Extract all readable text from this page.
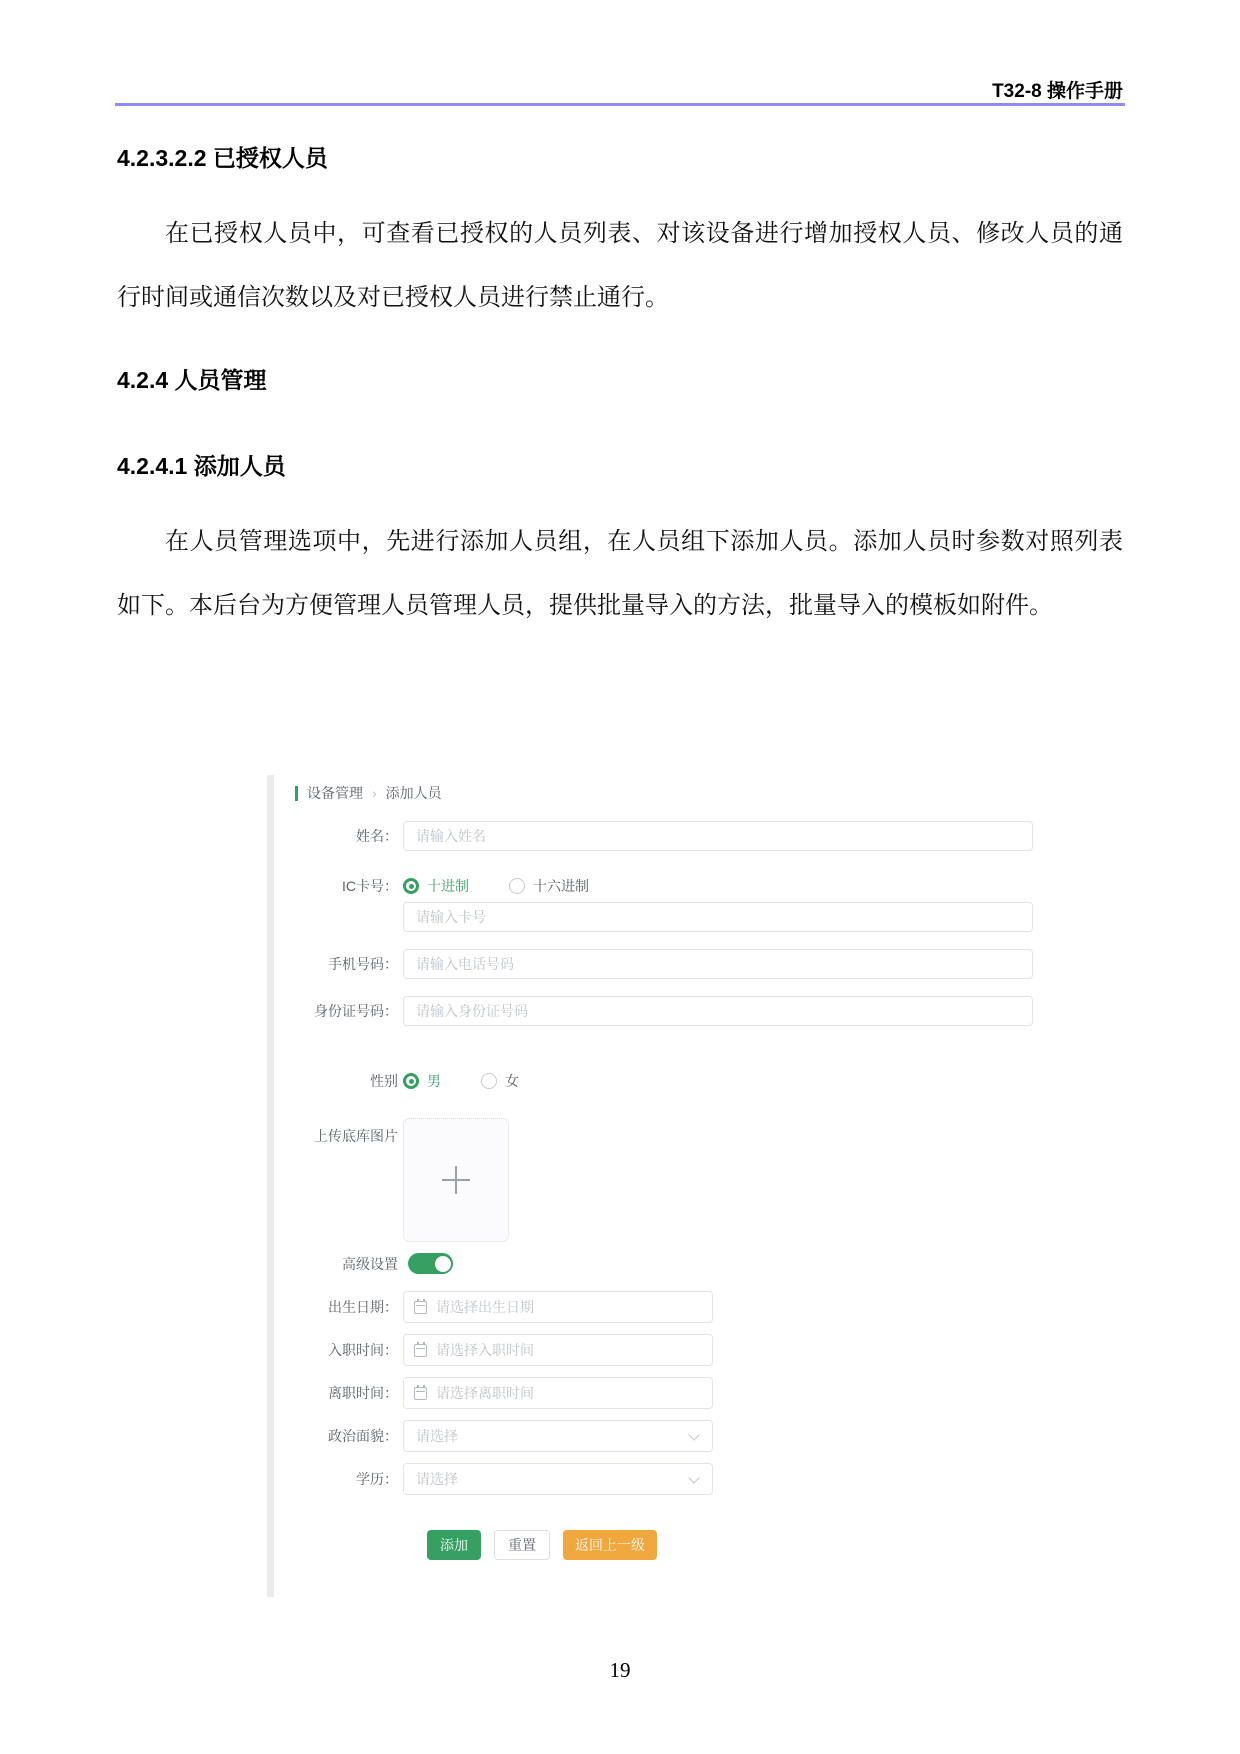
T32-8 操作手册
4.2.3.2.2 已授权人员

在已授权人员中，可查看已授权的人员列表、对该设备进行增加授权人员、修改人员的通行时间或通信次数以及对已授权人员进行禁止通行。

4.2.4 人员管理
4.2.4.1 添加人员

在人员管理选项中，先进行添加人员组，在人员组下添加人员。添加人员时参数对照列表如下。本后台为方便管理人员管理人员，提供批量导入的方法，批量导入的模板如附件。

设备管理 › 添加人员
姓名：
请输入姓名
IC卡号： 十进制	十六进制
请输入卡号
手机号码：
请输入电话号码
身份证号码：
请输入身份证号码
性别 男	女
上传底库图片
高级设置
出生日期：
请选择出生日期
入职时间：
请选择入职时间
离职时间：
请选择离职时间
政治面貌： 请选择
学历： 请选择
添加	重置	返回上一级
19
